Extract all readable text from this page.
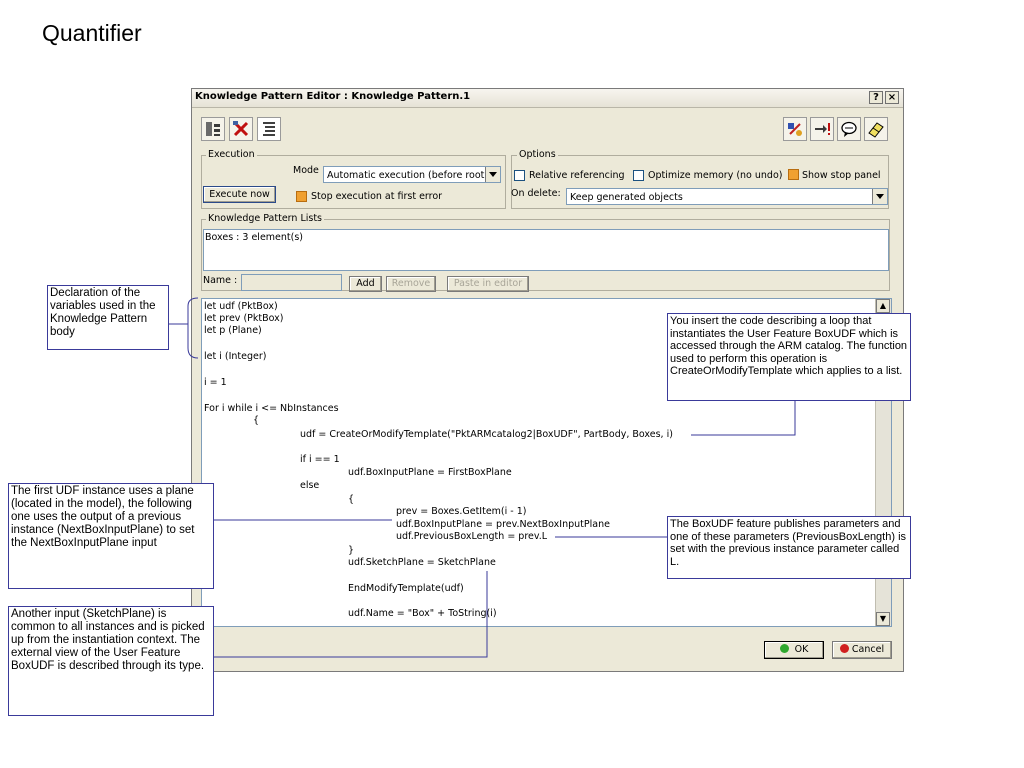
Quantifier
Knowledge Pattern Editor : Knowledge Pattern.1	? ×
Execution
Mode Automatic execution (before root
Execute now	Stop execution at first error
Options
Relative referencing Optimize memory (no undo) Show stop panel
On delete: Keep generated objects
Knowledge Pattern Lists
Boxes : 3 element(s)
Name :	Add	Remove	Paste in editor
let udf (PktBox)
let prev (PktBox)
let p (Plane)
let i (Integer)
i = 1
For i while i <= NbInstances
{
udf = CreateOrModifyTemplate("PktARMcatalog2|BoxUDF", PartBody, Boxes, i)
if i == 1
udf.BoxInputPlane = FirstBoxPlane
else
{
prev = Boxes.GetItem(i - 1)
udf.BoxInputPlane = prev.NextBoxInputPlane
udf.PreviousBoxLength = prev.L
}
udf.SketchPlane = SketchPlane
EndModifyTemplate(udf)
udf.Name = "Box" + ToString(i)
▲
▼
OK	Cancel
Declaration of the variables used in the Knowledge Pattern body
You insert the code describing a loop that instantiates the User Feature BoxUDF which is accessed through the ARM catalog. The function used to perform this operation is CreateOrModifyTemplate which applies to a list.
The first UDF instance uses a plane (located in the model), the following one uses the output of a previous instance (NextBoxInputPlane) to set the NextBoxInputPlane input
The BoxUDF feature publishes parameters and one of these parameters (PreviousBoxLength) is set with the previous instance parameter called L.
Another input (SketchPlane) is common to all instances and is picked up from the instantiation context. The external view of the User Feature BoxUDF is described through its type.
